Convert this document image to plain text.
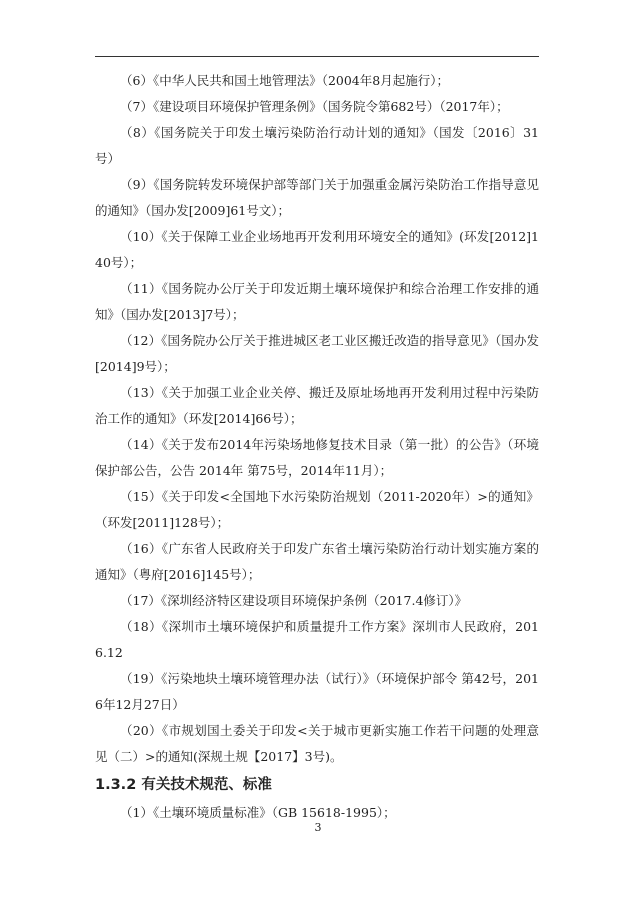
（6）《中华人民共和国土地管理法》（2004年8月起施行）；

（7）《建设项目环境保护管理条例》（国务院令第682号）（2017年）；

（8）《国务院关于印发土壤污染防治行动计划的通知》（国发〔2016〕31号）

（9）《国务院转发环境保护部等部门关于加强重金属污染防治工作指导意见的通知》（国办发[2009]61号文）；

（10）《关于保障工业企业场地再开发利用环境安全的通知》(环发[2012]140号）；

（11）《国务院办公厅关于印发近期土壤环境保护和综合治理工作安排的通知》（国办发[2013]7号）；

（12）《国务院办公厅关于推进城区老工业区搬迁改造的指导意见》（国办发[2014]9号）；

（13）《关于加强工业企业关停、搬迁及原址场地再开发利用过程中污染防治工作的通知》（环发[2014]66号）；

（14）《关于发布2014年污染场地修复技术目录（第一批）的公告》（环境保护部公告，公告 2014年 第75号，2014年11月）；

（15）《关于印发<全国地下水污染防治规划（2011-2020年）>的通知》（环发[2011]128号）；

（16）《广东省人民政府关于印发广东省土壤污染防治行动计划实施方案的通知》（粤府[2016]145号）；

（17）《深圳经济特区建设项目环境保护条例（2017.4修订）》

（18）《深圳市土壤环境保护和质量提升工作方案》深圳市人民政府，2016.12

（19）《污染地块土壤环境管理办法（试行）》（环境保护部令 第42号，2016年12月27日）

（20）《市规划国土委关于印发<关于城市更新实施工作若干问题的处理意见（二）>的通知(深规土规【2017】3号)。

1.3.2 有关技术规范、标准

（1）《土壤环境质量标准》（GB 15618-1995）；

3
